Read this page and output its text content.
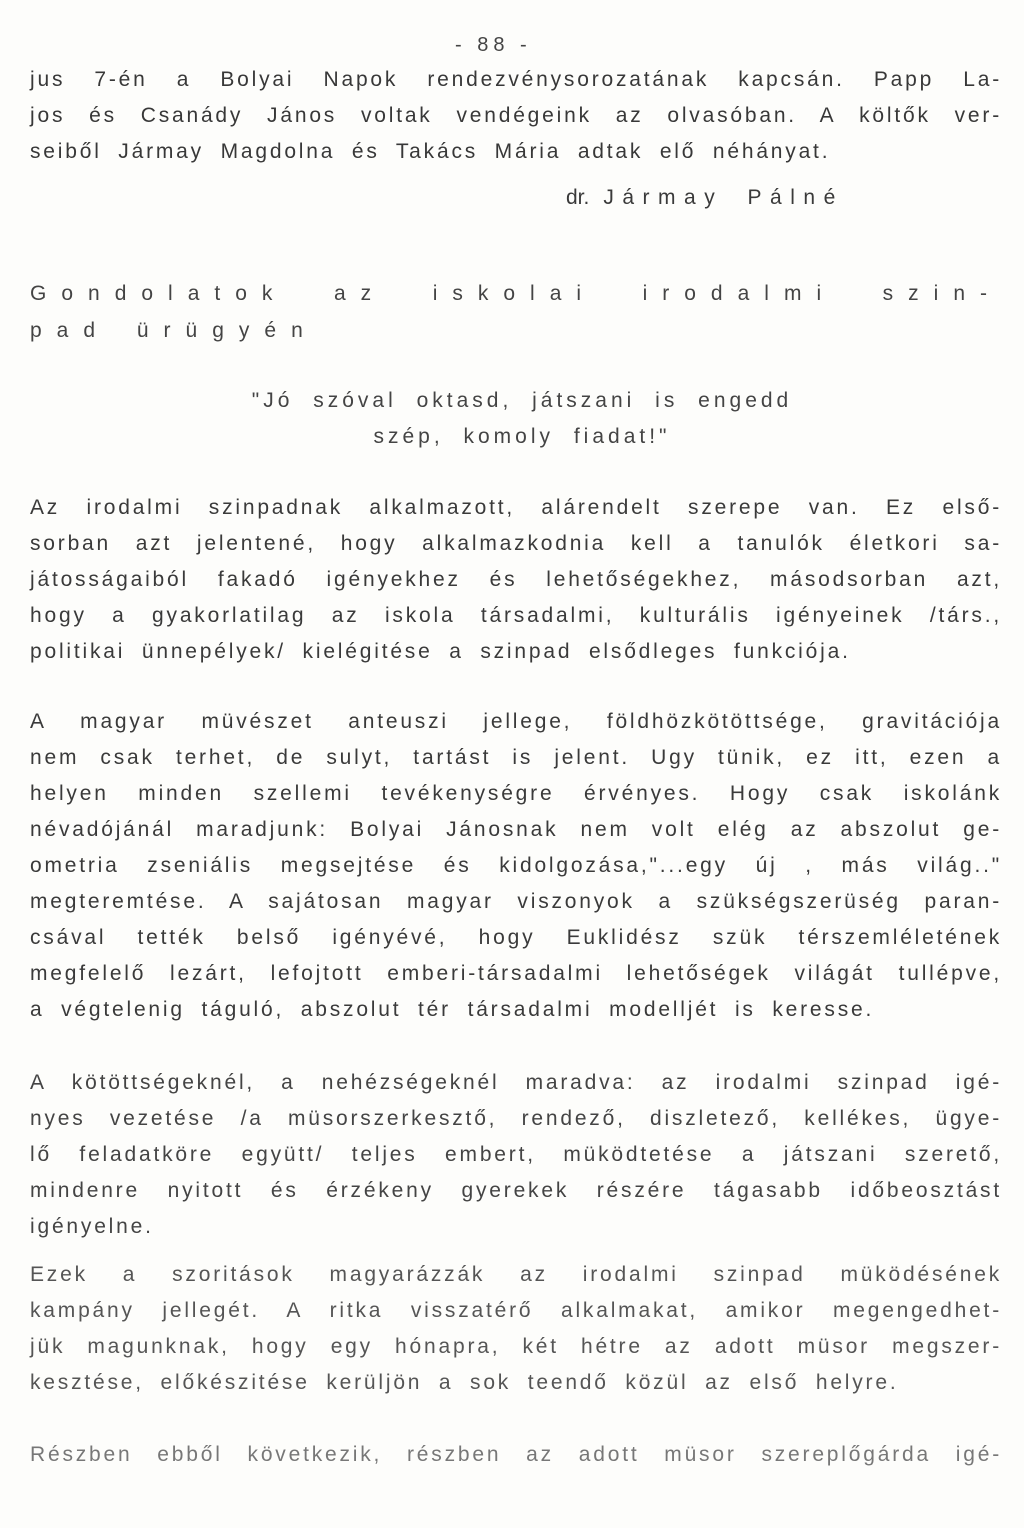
- 88 -
jus 7-én a Bolyai Napok rendezvénysorozatának kapcsán. Papp La-
jos és Csanády János voltak vendégeink az olvasóban. A költők ver-
seiből Jármay Magdolna és Takács Mária adtak elő néhányat.
dr. Jármay Pálné
Gondolatok az iskolai irodalmi szin-
pad ürügyén
"Jó szóval oktasd, játszani is engedd
szép, komoly fiadat!"
Az irodalmi szinpadnak alkalmazott, alárendelt szerepe van. Ez első-
sorban azt jelentené, hogy alkalmazkodnia kell a tanulók életkori sa-
játosságaiból fakadó igényekhez és lehetőségekhez, másodsorban azt,
hogy a gyakorlatilag az iskola társadalmi, kulturális igényeinek /társ.,
politikai ünnepélyek/ kielégitése a szinpad elsődleges funkciója.
A magyar müvészet anteuszi jellege, földhözkötöttsége, gravitációja
nem csak terhet, de sulyt, tartást is jelent. Ugy tünik, ez itt, ezen a
helyen minden szellemi tevékenységre érvényes. Hogy csak iskolánk
névadójánál maradjunk: Bolyai Jánosnak nem volt elég az abszolut ge-
ometria zseniális megsejtése és kidolgozása,"...egy új , más világ.."
megteremtése. A sajátosan magyar viszonyok a szükségszerüség paran-
csával tették belső igényévé, hogy Euklidész szük térszemléletének
megfelelő lezárt, lefojtott emberi-társadalmi lehetőségek világát tullépve,
a végtelenig táguló, abszolut tér társadalmi modelljét is keresse.
A kötöttségeknél, a nehézségeknél maradva: az irodalmi szinpad igé-
nyes vezetése /a müsorszerkesztő, rendező, diszletező, kellékes, ügye-
lő feladatköre együtt/ teljes embert, müködtetése a játszani szerető,
mindenre nyitott és érzékeny gyerekek részére tágasabb időbeosztást
igényelne.
Ezek a szoritások magyarázzák az irodalmi szinpad müködésének
kampány jellegét. A ritka visszatérő alkalmakat, amikor megengedhet-
jük magunknak, hogy egy hónapra, két hétre az adott müsor megszer-
kesztése, előkészitése kerüljön a sok teendő közül az első helyre.
Részben ebből következik, részben az adott müsor szereplőgárda igé-
